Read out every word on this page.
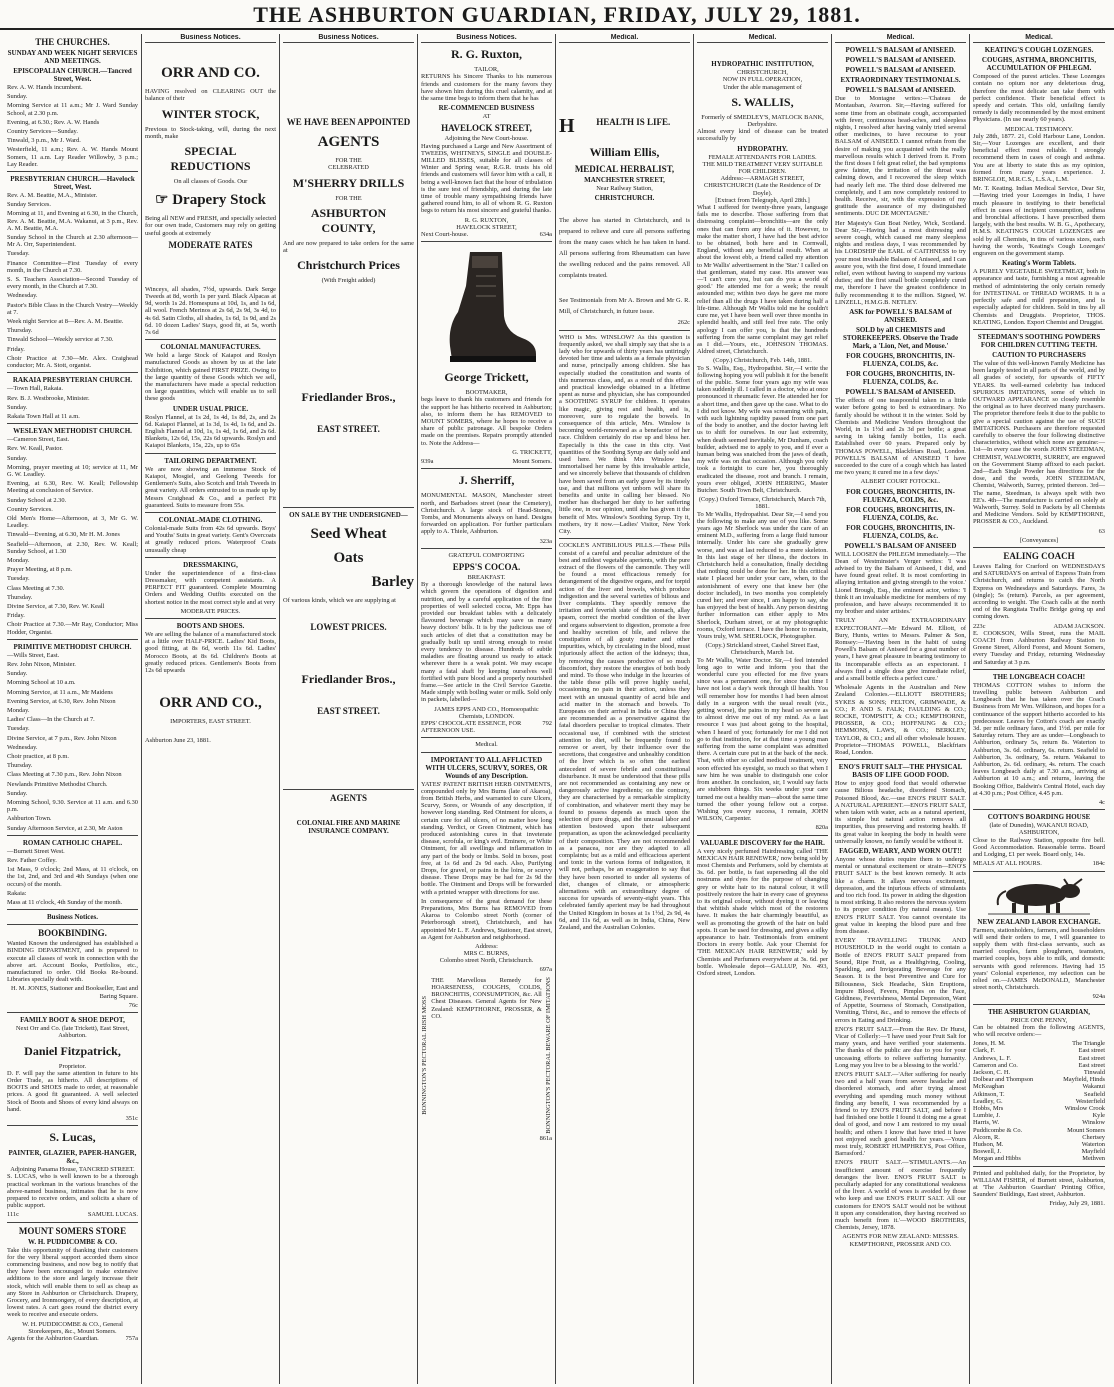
THE ASHBURTON GUARDIAN, FRIDAY, JULY 29, 1881.
THE CHURCHES.
SUNDAY AND WEEK NIGHT SERVICES AND MEETINGS.
EPISCOPALIAN CHURCH.—Tancred Street, West.
Rev. A. W. Hands incumbent.
Sunday.
Morning Service at 11 a.m.; Mr J. Ward Sunday School, at 2.30 p.m.
Evening, at 6.30.; Rev. A. W. Hands
Country Services—Sunday.
Tinwald, 3 p.m., Mr J. Ward.
Westerfield, 11 a.m.; Rev. A. W. Hands Mount Somers, 11 a.m. Lay Reader Willowby, 3 p.m.; Lay Reader.
PRESBYTERIAN CHURCH.—Havelock Street, West.
Rev. A. M. Beattie, M.A., Minister.
Sunday Services.
Morning at 11, and Evening at 6.30, in the Church, Rev. A. M. Beattie, M.A. Wakanui, at 3 p.m., Rev. A. M. Beattie, M.A.
Sunday School in the Church at 2.30 afternoon—Mr A. Orr, Superintendent.
Tuesday.
Finance Committee—First Tuesday of every month, in the Church at 7.30.
S. S. Teachers Association—Second Tuesday of every month, in the Church at 7.30.
Wednesday.
Pastor's Bible Class in the Church Vestry—Weekly at 7.
Week night Service at 8—Rev. A. M. Beattie.
Thursday.
Tinwald School—Weekly service at 7.30.
Friday.
Choir Practice at 7.30—Mr. Alex. Craighead conductor; Mr. A. Stott, organist.
RAKAIA PRESBYTERIAN CHURCH.
—Town Hall, Rakaia.
Rev. B. J. Westbrooke, Minister.
Sunday.
Rakaia Town Hall at 11 a.m.
WESLEYAN METHODIST CHURCH.
—Cameron Street, East.
Rev. W. Keall, Pastor.
Sunday.
Morning, prayer meeting at 10; service at 11, Mr G. W. Leadley.
Evening, at 6.30, Rev. W. Keall; Fellowship Meeting at conclusion of Service.
Sunday School at 2.30.
Country Services.
Old Men's Home—Afternoon, at 3, Mr G. W. Leadley.
Tinwald—Evening, at 6.30, Mr H. M. Jones
Seafield—Afternoon, at 2.30, Rev. W. Keall; Sunday School, at 1.30
Monday.
Prayer Meeting, at 8 p.m.
Tuesday.
Class Meeting at 7.30.
Thursday.
Divine Service, at 7.30, Rev. W. Keall
Friday.
Choir Practice at 7.30.—Mr Ray, Conductor; Miss Hodder, Organist.
PRIMITIVE METHODIST CHURCH.
—Wills Street, East.
Rev. John Nixon, Minister.
Sunday.
Morning School at 10 a.m.
Morning Service, at 11 a.m., Mr Maidens
Evening Service, at 6.30, Rev. John Nixon
Monday.
Ladies' Class—In the Church at 7.
Tuesday.
Divine Service, at 7 p.m., Rev. John Nixon
Wednesday.
Choir practice, at 8 p.m.
Thursday.
Class Meeting at 7.30 p.m., Rev. John Nixon
Newlands Primitive Methodist Church.
Sunday.
Morning School, 9.30. Service at 11 a.m. and 6.30 p.m.
Ashburton Town.
Sunday Afternoon Service, at 2.30, Mr Aston
ROMAN CATHOLIC CHAPEL.
—Burnett Street West.
Rev. Father Coffey.
1st Mass, 9 o'clock; 2nd Mass, at 11 o'clock, on the 1st, 2nd, and 3rd and 4th Sundays (when one occurs) of the month.
Rakaia:
Mass at 11 o'clock, 4th Sunday of the month.
Business Notices.
BOOKBINDING.
Wanted Known the undersigned has established a BINDING DEPARTMENT, and is prepared to execute all classes of work in connection with the above art. Account Books, Portfolios, etc., manufactured to order. Old Books Re-bound. Libraries specially dealt with.
H. M. JONES, Stationer and Bookseller, East and Baring Square.
76c
FAMILY BOOT & SHOE DEPOT,
Next Orr and Co. (late Trickett), East Street, Ashburton.
Daniel Fitzpatrick,
Proprietor.
D. F. will pay the same attention in future to his Order Trade, as hitherto. All descriptions of BOOTS and SHOES made to order, at reasonable prices. A good fit guaranteed. A well selected Stock of Boots and Shoes of every kind always on hand.
351c
S. Lucas,
PAINTER, GLAZIER, PAPER-HANGER, &c.,
Adjoining Panama House, TANCRED STREET.
S. LUCAS, who is well known to be a thorough practical workman in the various branches of the above-named business, intimates that he is now prepared to receive orders, and solicits a share of public support.
111c	SAMUEL LUCAS.
MOUNT SOMERS STORE
W. H. PUDDICOMBE & CO.
Take this opportunity of thanking their customers for the very liberal support accorded them since commencing business, and now beg to notify that they have been encouraged to make extensive additions to the store and largely increase their stock, which will enable them to sell as cheap as any Store in Ashburton or Christchurch. Drapery, Grocery, and Ironmongery, of every description, at lowest rates. A cart goes round the district every week to receive and execute orders.
W. H. PUDDICOMBE & CO., General Storekeepers, &c., Mount Somers.
Agents for the Ashburton Guardian.	757a
Business Notices.
ORR AND CO.
HAVING resolved on CLEARING OUT the balance of their
WINTER STOCK,
Previous to Stock-taking, will, during the next month, make
SPECIAL REDUCTIONS
On all classes of Goods. Our
☞ Drapery Stock
Being all NEW and FRESH, and specially selected for our own trade, Customers may rely on getting useful goods at extremely
MODERATE RATES
Winceys, all shades, 7½d, upwards. Dark Serge Tweeds at 8d, worth 1s per yard. Black Alpacas at 9d, worth 1s 2d. Homespuns at 10d, 1s, and 1s 6d, all wool. French Merinos at 2s 6d, 2s 9d, 3s 4d, to 4s 6d. Satin Cloths, all shades, 1s 6d, 1s 9d, and 2s 6d. 10 dozen Ladies' Stays, good fit, at 5s, worth 7s 6d
COLONIAL MANUFACTURES.
We hold a large Stock of Kaiapoi and Roslyn manufactured Goods as shown by us at the late Exhibition, which gained FIRST PRIZE. Owing to the large quantity of these Goods which we sell, the manufacturers have made a special reduction on large quantities, which will enable us to sell these goods
UNDER USUAL PRICE.
Roslyn Flannel, at 1s 2d, 1s 4d, 1s 8d, 2s, and 2s 6d. Kaiapoi Flannel, at 1s 3d, 1s 4d, 1s 6d, and 2s. English Flannel at 10d, 1s, 1s 4d, 1s 6d, and 2s 6d. Blankets, 12s 6d, 15s, 22s 6d upwards. Roslyn and Kaiapoi Blankets, 15s, 22s, up to 65s
TAILORING DEPARTMENT.
We are now showing an immense Stock of Kaiapoi, Mosgiel, and Geelong Tweeds for Gentlemen's Suits, also Scotch and Irish Tweeds in great variety. All orders entrusted to us made up by Messrs Craighead & Co., and a perfect Fit guaranteed. Suits to measure from 55s.
COLONIAL-MADE CLOTHING.
Colonial-made Suits from 42s 6d upwards. Boys' and Youths' Suits in great variety. Gent's Overcoats at greatly reduced prices. Waterproof Coats unusually cheap
DRESSMAKING,
Under the superintendence of a first-class Dressmaker, with competent assistants. A PERFECT FIT guaranteed. Complete Mourning Orders and Wedding Outfits executed on the shortest notice in the most correct style and at very
MODERATE PRICES.
BOOTS AND SHOES.
We are selling the balance of a manufactured stock at a little over HALF-PRICE. Ladies' Kid Boots, good fitting, at 8s 6d, worth 11s 6d. Ladies' Morocco Boots, at 8s 6d. Children's Boots at greatly reduced prices. Gentlemen's Boots from 12s 6d upwards
ORR AND CO.,
IMPORTERS, EAST STREET.
Ashburton June 23, 1881.
Business Notices.
WE HAVE BEEN APPOINTED
AGENTS
FOR THE
CELEBRATED
M'SHERRY DRILLS
FOR THE
ASHBURTON COUNTY,
And are now prepared to take orders for the same at
Christchurch Prices
(With Freight added)
Friedlander Bros.,
EAST STREET.
ON SALE BY THE UNDERSIGNED—
Seed Wheat
Oats
Barley
Of various kinds, which we are supplying at
LOWEST PRICES.
Friedlander Bros.,
EAST STREET.
AGENTS
COLONIAL FIRE AND MARINE INSURANCE COMPANY.
Business Notices.
R. G. Ruxton,
TAILOR,
RETURNS his Sincere Thanks to his numerous friends and customers for the many favors they have shown him during this cruel calamity, and at the same time begs to inform them that he has
RE-COMMENCED BUSINESS
AT
HAVELOCK STREET,
Adjoining the New Court-house.
Having purchased a Large and New Assortment of TWEEDS, WHITNEYS, SINGLE and DOUBLE-MILLED BLISSES, suitable for all classes of Winter and Spring wear, R.G.R. trusts his old friends and customers will favor him with a call, it being a well-known fact that the hour of tribulation is the sure test of friendship, and during the late time of trouble many sympathising friends have gathered round him, to all of whom R. G. Ruxton begs to return his most sincere and grateful thanks.
R. G. RUXTON,
HAVELOCK STREET,
Next Court-house.	634a
George Trickett,
BOOTMAKER,
begs leave to thank his customers and friends for the support he has hitherto received in Ashburton; also, to inform them he has REMOVED to MOUNT SOMERS, where he hopes to receive a share of public patronage. All bespoke Orders made on the premises. Repairs promptly attended to. Note the Address—
G. TRICKETT,
939a	Mount Somers.
J. Sherriff,
MONUMENTAL MASON, Manchester street north, and Barbadoes street (near the Cemetery), Christchurch. A large stock of Head-Stones, Tombs, and Monuments always on hand. Designs forwarded on application. For further particulars apply to A. Thiele, Ashburton.
323a
GRATEFUL COMFORTING
EPPS'S COCOA.
BREAKFAST.
By a thorough knowledge of the natural laws which govern the operations of digestion and nutrition, and by a careful application of the fine properties of well selected cocoa, Mr. Epps has provided our breakfast tables with a delicately flavoured beverage which may save us many heavy doctors' bills. It is by the judicious use of such articles of diet that a constitution may be gradually built up until strong enough to resist every tendency to disease. Hundreds of subtle maladies are floating around us ready to attack wherever there is a weak point. We may escape many a fatal shaft by keeping ourselves well fortified with pure blood and a properly nourished frame.—See article in the Civil Service Gazette. Made simply with boiling water or milk. Sold only in packets, labelled—
JAMES EPPS AND CO., Homoeopathic Chemists, LONDON.
EPPS' CHOCOLATE ESSENCE, FOR AFTERNOON USE.
792
Medical.
IMPORTANT TO ALL AFFLICTED WITH ULCERS, SCURVY, SORES, OR Wounds of any Description.
YATES' PATENT BRITISH HERB OINTMENTS, compounded only by Mrs Burns (late of Akaroa), from British Herbs, and warranted to cure Ulcers, Scurvy, Sores, or Wounds of any description, if however long standing. Red Ointment for ulcers, a certain cure for all ulcers, of no matter how long standing. Verdict, or Green Ointment, which has produced astonishing cures in that inveterate disease, scrofula, or king's evil. Eminere, or White Ointment, for all swellings and inflammation in any part of the body or limbs. Sold in boxes, post free, at 1s 6d and 2s 9d each. Also, Purifying Drops, for gravel, or pains in the loins, or scurvy disease. These Drops may be had for 2s 9d the bottle. The Ointment and Drops will be forwarded with a printed wrapper with directions for use.
In consequence of the great demand for these Preparations, Mrs Burns has REMOVED from Akaroa to Colombo street North (corner of Peterborough street), Christchurch, and has appointed Mr L. F. Andrews, Stationer, East street, as Agent for Ashburton and neighborhood.
Address:
MRS C. BURNS,
Colombo street North, Christchurch.
697a
BONNINGTON'S PECTORAL IRISH MOSS
THE Marvellous Remedy for HOARSENESS, COUGHS, COLDS, BRONCHITIS, CONSUMPTION, &c. All Chest Diseases. General Agents for New Zealand: KEMPTHORNE, PROSSER, & CO.	BONNINGTON'S PECTORAL BEWARE OF IMITATIONS
861a
Medical.
H HEALTH IS LIFE.
William Ellis,
MEDICAL HERBALIST,
MANCHESTER STREET,
Near Railway Station,
CHRISTCHURCH.
The above has started in Christchurch, and is prepared to relieve and cure all persons suffering from the many cases which he has taken in hand. All persons suffering from Rheumatism can have the swelling reduced and the pains removed. All complaints treated.
See Testimonials from Mr A. Brown and Mr G. R. Mill, of Christchurch, in future issue.
262c
WHO is Mrs. WINSLOW? As this question is frequently asked, we shall simply say that she is a lady who for upwards of thirty years has untiringly devoted her time and talents as a female physician and nurse, principally among children. She has especially studied the constitution and wants of this numerous class, and, as a result of this effort and practical knowledge obtained in a lifetime spent as nurse and physician, she has compounded a SOOTHING SYRUP for children. It operates like magic, giving rest and health, and is, moreover, sure to regulate the bowels. In consequence of this article, Mrs. Winslow is becoming world-renowned as a benefactor of her race. Children certainly do rise up and bless her. Especially is this the case in this city. Vast quantities of the Soothing Syrup are daily sold and used here. We think Mrs Winslow has immortalised her name by this invaluable article, and we sincerely believe that thousands of children have been saved from an early grave by its timely use, and that millions yet unborn will share its benefits and unite in calling her blessed. No mother has discharged her duty to her suffering little one, in our opinion, until she has given it the benefit of Mrs. Winslow's Soothing Syrup. Try it, mothers, try it now.—Ladies' Visitor, New York City.
COCKLE'S ANTIBILIOUS PILLS.—These Pills consist of a careful and peculiar admixture of the best and mildest vegetable aperients, with the pure extract of the flowers of the camomile. They will be found a most efficacious remedy for derangement of the digestive organs, and for torpid action of the liver and bowels, which produce indigestion and the several varieties of bilious and liver complaints. They speedily remove the irritation and feverish state of the stomach, allay spasm, correct the morbid condition of the liver and organs subservient to digestion, promote a free and healthy secretion of bile, and relieve the constipation of all gouty matter and other impurities, which, by circulating in the blood, must injuriously affect the action of the kidneys; thus, by removing the causes productive of so much discomfort, they restore the energies of both body and mind. To those who indulge in the luxuries of the table these pills will prove highly useful, occasioning no pain in their action, unless they meet with an unusual quantity of acrid bile and acid matter in the stomach and bowels. To Europeans on their arrival in India or China they are recommended as a preservative against the fatal disorders peculiar to tropical climates. Their occasional use, if combined with the strictest attention to diet, will be frequently found to remove or avert, by their influence over the secretions, that congestive and unhealthy condition of the liver which is so often the earliest antecedent of severe febrile and constitutional disturbance. It must be understood that these pills are not recommended as containing any new or dangerously active ingredients; on the contrary, they are characterised by a remarkable simplicity of combination, and whatever merit they may be found to possess depends as much upon the selection of pure drugs, and the unusual labor and attention bestowed upon their subsequent preparation, as upon the acknowledged peculiarity of their composition. They are not recommended as a panacea, nor are they adapted to all complaints; but as a mild and efficacious aperient and tonic in the various forms of indigestion, it will not, perhaps, be an exaggeration to say that they have been resorted to under all systems of diet, changes of climate, or atmospheric alternations with an extraordinary degree of success for upwards of seventy-eight years. This celebrated family aperient may be had throughout the United Kingdom in boxes at 1s 1½d, 2s 9d, 4s 6d, and 11s 6d, as well as in India, China, New Zealand, and the Australian Colonies.
Medical.
HYDROPATHIC INSTITUTION,
CHRISTCHURCH,
NOW IN FULL OPERATION,
Under the able management of
S. WALLIS,
Formerly of SMEDLEY'S, MATLOCK BANK, Derbyshire.
Almost every kind of disease can be treated successfully by
HYDROPATHY.
FEMALE ATTENDANTS FOR LADIES.
THE MILD TREATMENT VERY SUITABLE FOR CHILDREN.
Address:—ARMAGH STREET, CHRISTCHURCH (Late the Residence of Dr Doyle).
[Extract from Telegraph, April 28th.]
What I suffered for twenty-three years, language fails me to describe. Those suffering from that distressing complaint—bronchitis—are the only ones that can form any idea of it. However, to make the matter short, I have had the best advice to be obtained, both here and in Cornwall, England, without any beneficial result. When at about the lowest ebb, a friend called my attention to Mr Wallis' advertisement in the 'Star.' I called on that gentleman, stated my case. His answer was—'I can't cure you, but can do you a world of good.' He attended me for a week; the result astounded me; within two days he gave me more relief than all the drugs I have taken during half a life-time. Although Mr Wallis told me he couldn't cure me, yet I have been well over three months in splendid health, and still feel free rate. The only apology I can offer you, is that the hundreds suffering from the same complaint may get relief as I did.—Yours, etc., JOHNSON THOMAS. Aldred street, Christchurch.
(Copy.) Christchurch, Feb. 14th, 1881.
To S. Wallis, Esq., Hydropathist. Sir,—I write the following hoping you will publish it for the benefit of the public. Some four years ago my wife was taken suddenly ill. I called in a doctor, who at once pronounced it rheumatic fever. He attended her for a short time, and then gave up the case. What to do I did not know. My wife was screaming with pain, with such lightning rapidity passed from one part of the body to another, and the doctor having left us to shift for ourselves. In our last extremity, when death seemed inevitable, Mr Dunham, coach builder, advised me to apply to you, and if ever a human being was snatched from the jaws of death, my wife was on that occasion. Although you only took a fortnight to cure her, you thoroughly eradicated the disease, root and branch. I remain, yours ever obliged, JOHN HERRING, Master Butcher. South Town Belt, Christchurch.
(Copy.) Oxford Terrace, Christchurch, March 7th, 1881.
To Mr Wallis, Hydropathist. Dear Sir,—I send you the following to make any use of you like. Some years ago Mr Sherlock was under the care of an eminent M.D., suffering from a large fluid tumour internally. Under his care she gradually grew worse, and was at last reduced to a mere skeleton. In this last stage of her illness, the doctors in Christchurch held a consultation, finally deciding that nothing could be done for her. In this critical state I placed her under your care, when, to the astonishment of every one that knew her (the doctor included), in two months you completely cured her; and ever since, I am happy to say, she has enjoyed the best of health. Any person desiring further information can either apply to Mrs Sherlock, Durham street, or at my photographic rooms, Oxford terrace. I have the honor to remain, Yours truly, WM. SHERLOCK, Photographer.
(Copy.) Strickland street, Cashel Street East, Christchurch, March 1st.
To Mr Wallis, Water Doctor. Sir,—I feel intended long ago to write and inform you that the wonderful cure you effected for me five years since was a permanent one, for since that time I have not lost a day's work through ill health. You will remember how for months I had been almost daily in a surgeon with the usual result (viz., getting worse), the pains in my head so severe as to almost drive me out of my mind. As a last resource I was just about going to the hospital, when I heard of you; fortunately for me I did not go to that institution, for at that time a young man suffering from the same complaint was admitted there. A certain cure put in at the back of the neck. That, with other so called medical treatment, very soon effected his eyesight, so much so that when I saw him he was unable to distinguish one color from another. In conclusion, sir, I would say facts are stubborn things. Six weeks under your care turned me out a healthy man—about the same time turned the other young fellow out a corpse. Wishing you every success, I remain, JOHN WILSON, Carpenter.
820a
VALUABLE DISCOVERY for the HAIR.
A very nicely perfumed Hairdressing called 'THE MEXICAN HAIR RENEWER,' now being sold by most Chemists and Perfumers, sold by chemists at 3s. 6d. per bottle, is fast superseding all the old nostrums and dyes for the purpose of changing grey or white hair to its natural colour, it will positively restore the hair in every case of greyness to its original colour, without dyeing it or leaving that whitish shade which most of the restorers have. It makes the hair charmingly beautiful, as well as promoting the growth of the hair on bald spots. It can be used for dressing, and gives a silky appearance to hair. Testimonials from eminent Doctors in every bottle. Ask your Chemist for 'THE MEXICAN HAIR RENEWER,' sold by Chemists and Perfumers everywhere at 3s. 6d. per bottle. Wholesale depot—GALLUP, No. 493, Oxford street, London.
Medical.
POWELL'S BALSAM of ANISEED.
POWELL'S BALSAM of ANISEED.
POWELL'S BALSAM of ANISEED.
EXTRAORDINARY TESTIMONIALS.
POWELL'S BALSAM of ANISEED.
Due to Montagne writes:—'Chateau de Montauban, Avarron. Sir,—Having suffered for some time from an obstinate cough, accompanied with fever, continuous head-aches, and sleepless nights, I resolved after having vainly tried several other medicines, to have recourse to your BALSAM of ANISEED. I cannot refrain from the desire of making you acquainted with the really marvellous results which I derived from it. From the first doses I felt great relief, the bad symptoms grew fainter, the irritation of the throat was calming down, and I recovered the sleep which had nearly left me. The third dose delivered me completely, and I am now completely restored to health. Receive, sir, with the expression of my gratitude the assurance of my distinguished sentiments. DUC DE MONTAGNE.'
Her Majesty's Gun Boat Netley, Wick, Scotland. Dear Sir,—Having had a most distressing and severe cough, which caused me many sleepless nights and restless days, I was recommended by his LORDSHIP the EARL of CAITHNESS to try your most invaluable Balsam of Aniseed, and I can assure you, with the first dose, I found immediate relief, even without having to suspend my various duties; and the first small bottle completely cured me, therefore I have the greatest confidence in fully recommending it to the million. Signed, W. LINZELL, H.M.G.B. NETLEY.
ASK for POWELL'S BALSAM of ANISEED.
SOLD by all CHEMISTS and STOREKEEPERS. Observe the Trade Mark, a 'Lion, Net, and Mouse.'
FOR COUGHS, BRONCHITIS, IN-FLUENZA, COLDS, &c.
FOR COUGHS, BRONCHITIS, IN-FLUENZA, COLDS, &c.
POWELL'S BALSAM of ANISEED.
The effects of one teaspoonful taken in a little water before going to bed is extraordinary. No family should be without it in the winter. Sold by Chemists and Medicine Vendors throughout the World, in 1s 1½d and 2s 3d per bottle; a great saving in taking family bottles, 11s each. Established over 60 years. Prepared only by THOMAS POWELL, Blackfriars Road, London. POWELL'S BALSAM of ANISEED 'I have succeeded to the cure of a cough which has lasted me two years; it cured me in a few days.'
ALBERT COURT FOTOCKL.
FOR COUGHS, BRONCHITIS, IN-FLUENZA, COLDS, &c.
FOR COUGHS, BRONCHITIS, IN-FLUENZA, COLDS, &c.
FOR COUGHS, BRONCHITIS, IN-FLUENZA, COLDS, &c.
POWELL'S BALSAM OF ANISEED
WILL LOOSEN the PHLEGM immediately.—The Dean of Westminster's Verger writes: 'I was advised to try the Balsam of Aniseed, I did, and have found great relief. It is most comforting in allaying irritation and giving strength to the voice.' Lionel Brough, Esq., the eminent actor, writes: 'I think it an invaluable medicine for members of my profession, and have always recommended it to my brother and sister artistes.'
TRULY AN EXTRAORDINARY EXPECTORANT.—Mr Edward M. Elliott, of Bury, Hunts, writes to Messrs. Palmer & Son, Romsey:—'Having been in the habit of using Powell's Balsam of Aniseed for a great number of years, I have great pleasure in bearing testimony to its incomparable effects as an expectorant. I always find a single dose give immediate relief, and a small bottle effects a perfect cure.'
Wholesale Agents in the Australian and New Zealand Colonies.—ELLIOTT BROTHERS; SYKES & SONS; FELTON, GRIMWADE, & CO.; P. AND S. FALK; FAULDING & CO.; ROCKE, TOMPSITT, & CO.; KEMPTHORNE, PROSSER, & CO.; HOFFNUNG & CO.; HEMMONS, LAWS, & CO.; BERKLEY, TAYLOR, & CO.; and all other wholesale houses. Proprietor—THOMAS POWELL, Blackfriars Road, London.
ENO'S FRUIT SALT—THE PHYSICAL BASIS OF LIFE GOOD FOOD.
How to enjoy good food that would otherwise cause Bilious headache, disordered Stomach, Poisoned Blood, &c.—use ENO'S FRUIT SALT. A NATURAL APERIENT.—ENO'S FRUIT SALT, when taken with water, acts as a natural aperient, its simple but natural action removes all impurities, thus preserving and restoring health. If its great value in keeping the body in health were universally known, no family would be without it.
FAGGED, WEARY, AND WORN OUT!!
Anyone whose duties require them to undergo mental or unnatural excitement or strain—ENO'S FRUIT SALT is the best known remedy. It acts like a charm. It allays nervous excitement, depression, and the injurious effects of stimulants and too rich food. Its power in aiding the digestion is most striking. It also restores the nervous system to its proper condition (by natural means). Use ENO'S FRUIT SALT. You cannot overstate its great value in keeping the blood pure and free from disease.
EVERY TRAVELLING TRUNK AND HOUSEHOLD in the world ought to contain a Bottle of ENO'S FRUIT SALT prepared from Sound, Ripe Fruit, as a Healthgiving, Cooling, Sparkling, and Invigorating Beverage for any Season. It is the best Preventive and Cure for Biliousness, Sick Headache, Skin Eruptions, Impure Blood, Fevers, Pimples on the Face, Giddiness, Feverishness, Mental Depression, Want of Appetite, Sourness of Stomach, Constipation, Vomiting, Thirst, &c., and to remove the effects of errors in Eating and Drinking.
ENO'S FRUIT SALT.—From the Rev. Dr Hurst, Vicar of Collerly:—'I have used your Fruit Salt for many years, and have verified your statements. The thanks of the public are due to you for your unceasing efforts to relieve suffering humanity. Long may you live to be a blessing to the world.'
ENO'S FRUIT SALT.—'After suffering for nearly two and a half years from severe headache and disordered stomach, and after trying almost everything and spending much money without finding any benefit, I was recommended by a friend to try ENO'S FRUIT SALT, and before I had finished one bottle I found it doing me a great deal of good, and now I am restored to my usual health; and others I know that have tried it have not enjoyed such good health for years.—Yours most truly, ROBERT HUMPHREYS, Post Office, Barrasford.'
ENO'S FRUIT SALT.—'STIMULANTS.—An insufficient amount of exercise frequently deranges the liver. ENO'S FRUIT SALT is peculiarly adapted for any constitutional weakness of the liver. A world of woes is avoided by those who keep and use ENO'S FRUIT SALT. All our customers for ENO'S SALT would not be without it upon any consideration, they having received so much benefit from it.'—WOOD BROTHERS, Chemists, Jersey, 1878.
AGENTS FOR NEW ZEALAND: MESSRS. KEMPTHORNE, PROSSER AND CO.
Medical.
KEATING'S COUGH LOZENGES.
COUGHS, ASTHMA, BRONCHITIS, ACCUMULATION OF PHLEGM.
Composed of the purest articles. These Lozenges contain no opium nor any deleterious drug, therefore the most delicate can take them with perfect confidence. Their beneficial effect is speedy and certain. This old, unfailing family remedy is daily recommended by the most eminent Physicians. (In use nearly 60 years).
MEDICAL TESTIMONY.
July 28th, 1877. 21, Cold Harbour Lane, London. Sir,—Your Lozenges are excellent, and their beneficial effect most reliable. I strongly recommend them in cases of cough and asthma. You are at liberty to state this as my opinion, formed from many years experience. J. BRINGLOE, M.R.C.S., L.S.A., L.M.
Mr. T. Keating. Indian Medical Service, Dear Sir,—Having tried your Lozenges in India, I have much pleasure in testifying to their beneficial effect in cases of incipient consumption, asthma and bronchial affections. I have prescribed them largely, with the best results. W. B. G., Apothecary, H.M.S. KEATING'S COUGH LOZENGES are sold by all Chemists, in tins of various sizes, each having the words, 'Keating's Cough Lozenges' engraven on the government stamp.
Keating's Worm Tablets.
A PURELY VEGETABLE SWEETMEAT, both in appearance and taste, furnishing a most agreeable method of administering the only certain remedy for INTESTINAL or THREAD WORMS. It is a perfectly safe and mild preparation, and is especially adapted for children. Sold in tins by all Chemists and Druggists. Proprietor, THOS. KEATING, London. Export Chemist and Druggist.
STEEDMAN'S SOOTHING POWDERS FOR CHILDREN CUTTING TEETH.
CAUTION TO PURCHASERS
The value of this well-known Family Medicine has been largely tested in all parts of the world, and by all grades of society, for upwards of FIFTY YEARS. Its well-earned celebrity has induced SPURIOUS IMITATIONS, some of which in OUTWARD APPEARANCE so closely resemble the original as to have deceived many purchasers. The proprietor therefore feels it due to the public to give a special caution against the use of SUCH IMITATIONS. Purchasers are therefore requested carefully to observe the four following distinctive characteristics, without which none are genuine:—1st—In every case the words JOHN STEEDMAN, CHEMIST, WALWORTH, SURREY, are engraved on the Government Stamp affixed to each packet. 2nd—Each Single Powder has directions for the dose, and the words, JOHN STEEDMAN, Chemist, Walworth, Surrey, printed thereon. 3rd—The name, Steedman, is always spelt with two EE's. 4th—The manufacture is carried on solely at Walworth, Surrey. Sold in Packets by all Chemists and Medicine Vendors. Sold by KEMPTHORNE, PROSSER & CO., Auckland.
63
[Conveyances]
EALING COACH
Leaves Ealing for Crarford on WEDNESDAYS and SATURDAYS on arrival of Express Train from Christchurch, and returns to catch the North Express on Wednesdays and Saturdays. Fares, 3s (single); 5s (return). Parcels, as per agreement, according to weight. The Coach calls at the north end of the Rangitata Traffic Bridge going up and coming down.
223c	ADAM JACKSON.
E. COOKSON, Wills Street, runs the MAIL COACH from Ashburton Railway Station to Greene Street, Alford Forest, and Mount Somers, every Tuesday and Friday, returning Wednesday and Saturday at 3 p.m.
THE LONGBEACH COACH!
THOMAS COTTON wishes to inform the travelling public between Ashburton and Longbeach that he has taken over the Coach Business from Mr Wm. Wilkinson, and hopes for a continuance of the support hitherto accorded to his predecessor. Leaves by Cotton's coach are exactly 3d. per mile ordinary fares, and 1½d. per mile for Saturday return. They are as under—Longbeach to Ashburton, ordinary 5s, return 8s. Waterton to Ashburton, 3s. 6d. ordinary, 6s. return. Seafield to Ashburton, 3s. ordinary, 5s. return. Wakanui to Ashburton, 2s. 6d. ordinary, 4s. return. The coach leaves Longbeach daily at 7.30 a.m., arriving at Ashburton at 10 a.m.; and returns, leaving the Booking Office, Baldwin's Central Hotel, each day at 4.30 p.m.; Post Office, 4.45 p.m.
4c
COTTON'S BOARDING HOUSE
(late of Dunedin), WAKANUI ROAD, ASHBURTON,
Close to the Railway Station, opposite fire bell. Good Accommodation. Reasonable terms. Board and Lodging, £1 per week. Board only, 14s.
MEALS AT ALL HOURS.	184c
NEW ZEALAND LABOR EXCHANGE.
Farmers, stationholders, farmers, and householders will send their orders to me, I will guarantee to supply them with first-class servants, such as married couples, farm ploughmen, teamsters, married couples, boys able to milk, and domestic servants with good references. Having had 15 years' Colonial experience, my selection can be relied on.—JAMES McDONALD, Manchester street north, Christchurch.
924a
THE ASHBURTON GUARDIAN,
PRICE ONE PENNY,
Can be obtained from the following AGENTS, who will receive orders:—
Jones, H. M.	The Triangle
Clark, F.	East street
Andrews, L. F.	East street
Cameron and Co.	East street
Jackson, C. H.	Tinwald
Dolbear and Thompson	Mayfield, Hinds
McKeaghan	Wakanui
Atkinson, T.	Seafield
Leadley, G.	Westerfield
Hobbs, Mrs	Winslow Crook
Lumbie, J.	Kyle
Harris, W.	Winslow
Puddicombe & Co.	Mount Somers
Alcorn, R.	Chertsey
Hudson, M.	Waterton
Boswell, J.	Mayfield
Morgan and Hibbs	Methven
Printed and published daily, for the Proprietor, by WILLIAM FISHER, of Burnett street, Ashburton, at 'The Ashburton Guardian' Printing Office, Saunders' Buildings, East street, Ashburton.
Friday, July 29, 1881.
